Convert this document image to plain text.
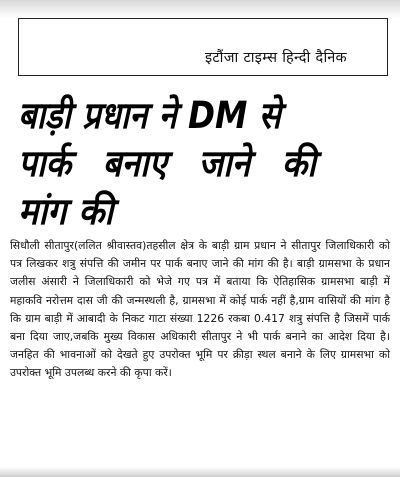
इटौंजा टाइम्स हिन्दी दैनिक
बाड़ी प्रधान ने DM से
पार्क बनाए जाने की
मांग की

सिधौली सीतापुर(ललित श्रीवास्तव)तहसील क्षेत्र के बाड़ी ग्राम प्रधान ने सीतापुर जिलाधिकारी को पत्र लिखकर शत्रु संपत्ति की जमीन पर पार्क बनाए जाने की मांग की है। बाड़ी ग्रामसभा के प्रधान जलीस अंसारी ने जिलाधिकारी को भेजे गए पत्र में बताया कि ऐतिहासिक ग्रामसभा बाड़ी में महाकवि नरोत्तम दास जी की जन्मस्थली है, ग्रामसभा में कोई पार्क नहीं है,ग्राम वासियों की मांग है कि ग्राम बाड़ी में आबादी के निकट गाटा संख्या 1226 रकबा 0.417 शत्रु संपत्ति है जिसमें पार्क बना दिया जाए,जबकि मुख्य विकास अधिकारी सीतापुर ने भी पार्क बनाने का आदेश दिया है। जनहित की भावनाओं को देखते हुए उपरोक्त भूमि पर क्रीड़ा स्थल बनाने के लिए ग्रामसभा को उपरोक्त भूमि उपलब्ध करने की कृपा करें।
